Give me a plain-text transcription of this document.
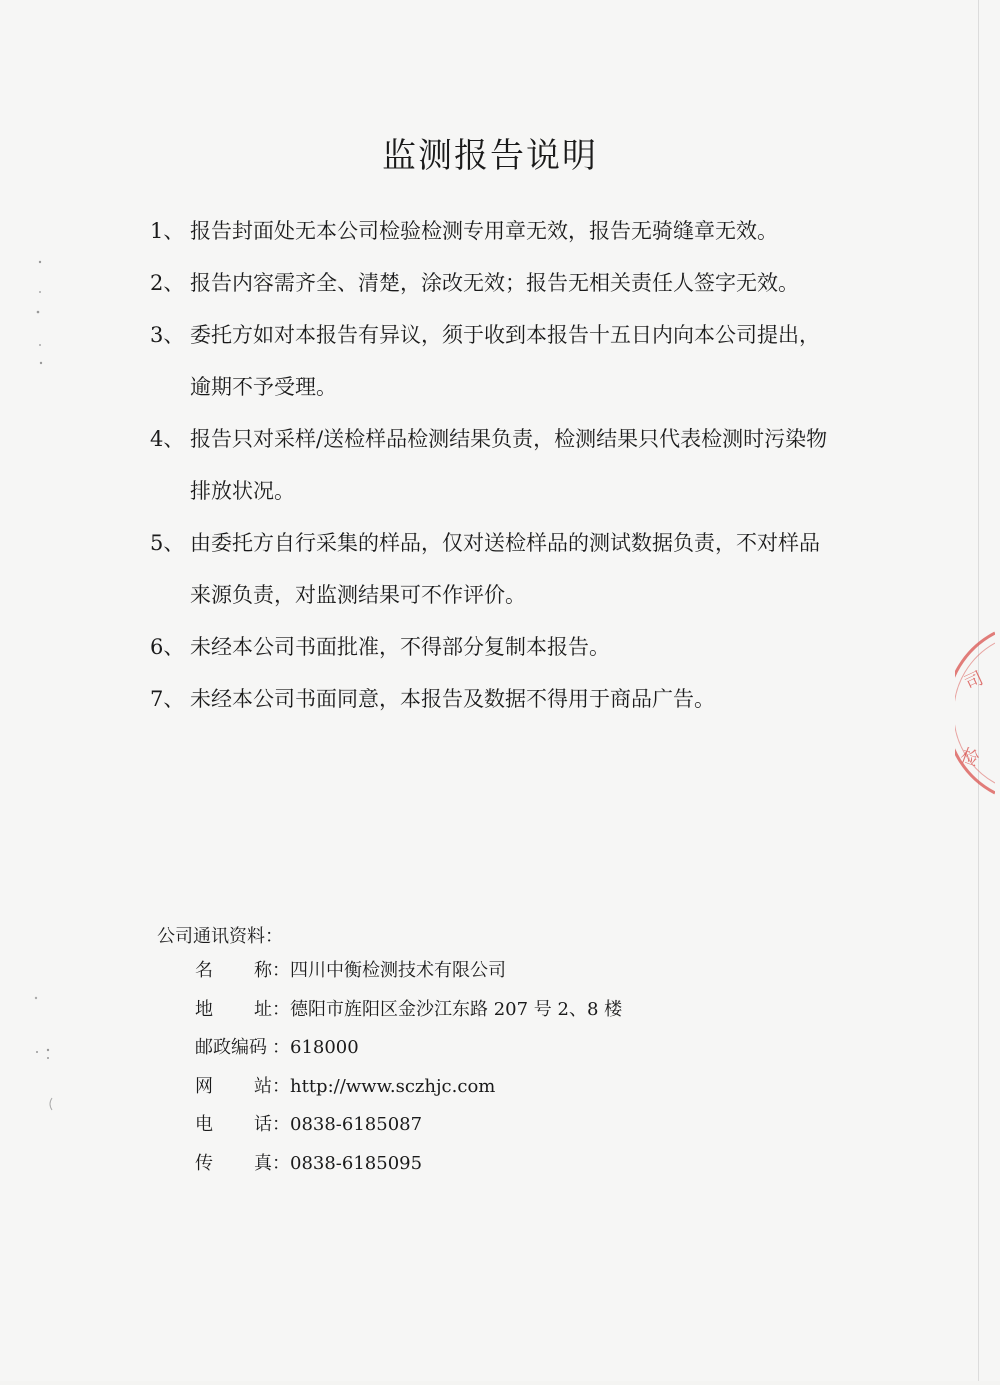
监测报告说明
1、 报告封面处无本公司检验检测专用章无效，报告无骑缝章无效。
2、 报告内容需齐全、清楚，涂改无效；报告无相关责任人签字无效。
3、 委托方如对本报告有异议，须于收到本报告十五日内向本公司提出，逾期不予受理。
4、 报告只对采样/送检样品检测结果负责，检测结果只代表检测时污染物排放状况。
5、 由委托方自行采集的样品，仅对送检样品的测试数据负责，不对样品来源负责，对监测结果可不作评价。
6、 未经本公司书面批准，不得部分复制本报告。
7、 未经本公司书面同意，本报告及数据不得用于商品广告。
公司通讯资料：
名 称： 四川中衡检测技术有限公司
地 址： 德阳市旌阳区金沙江东路 207 号 2、8 楼
邮政编码 ： 618000
网 站： http://www.sczhjc.com
电 话： 0838-6185087
传 真： 0838-6185095
司
检
